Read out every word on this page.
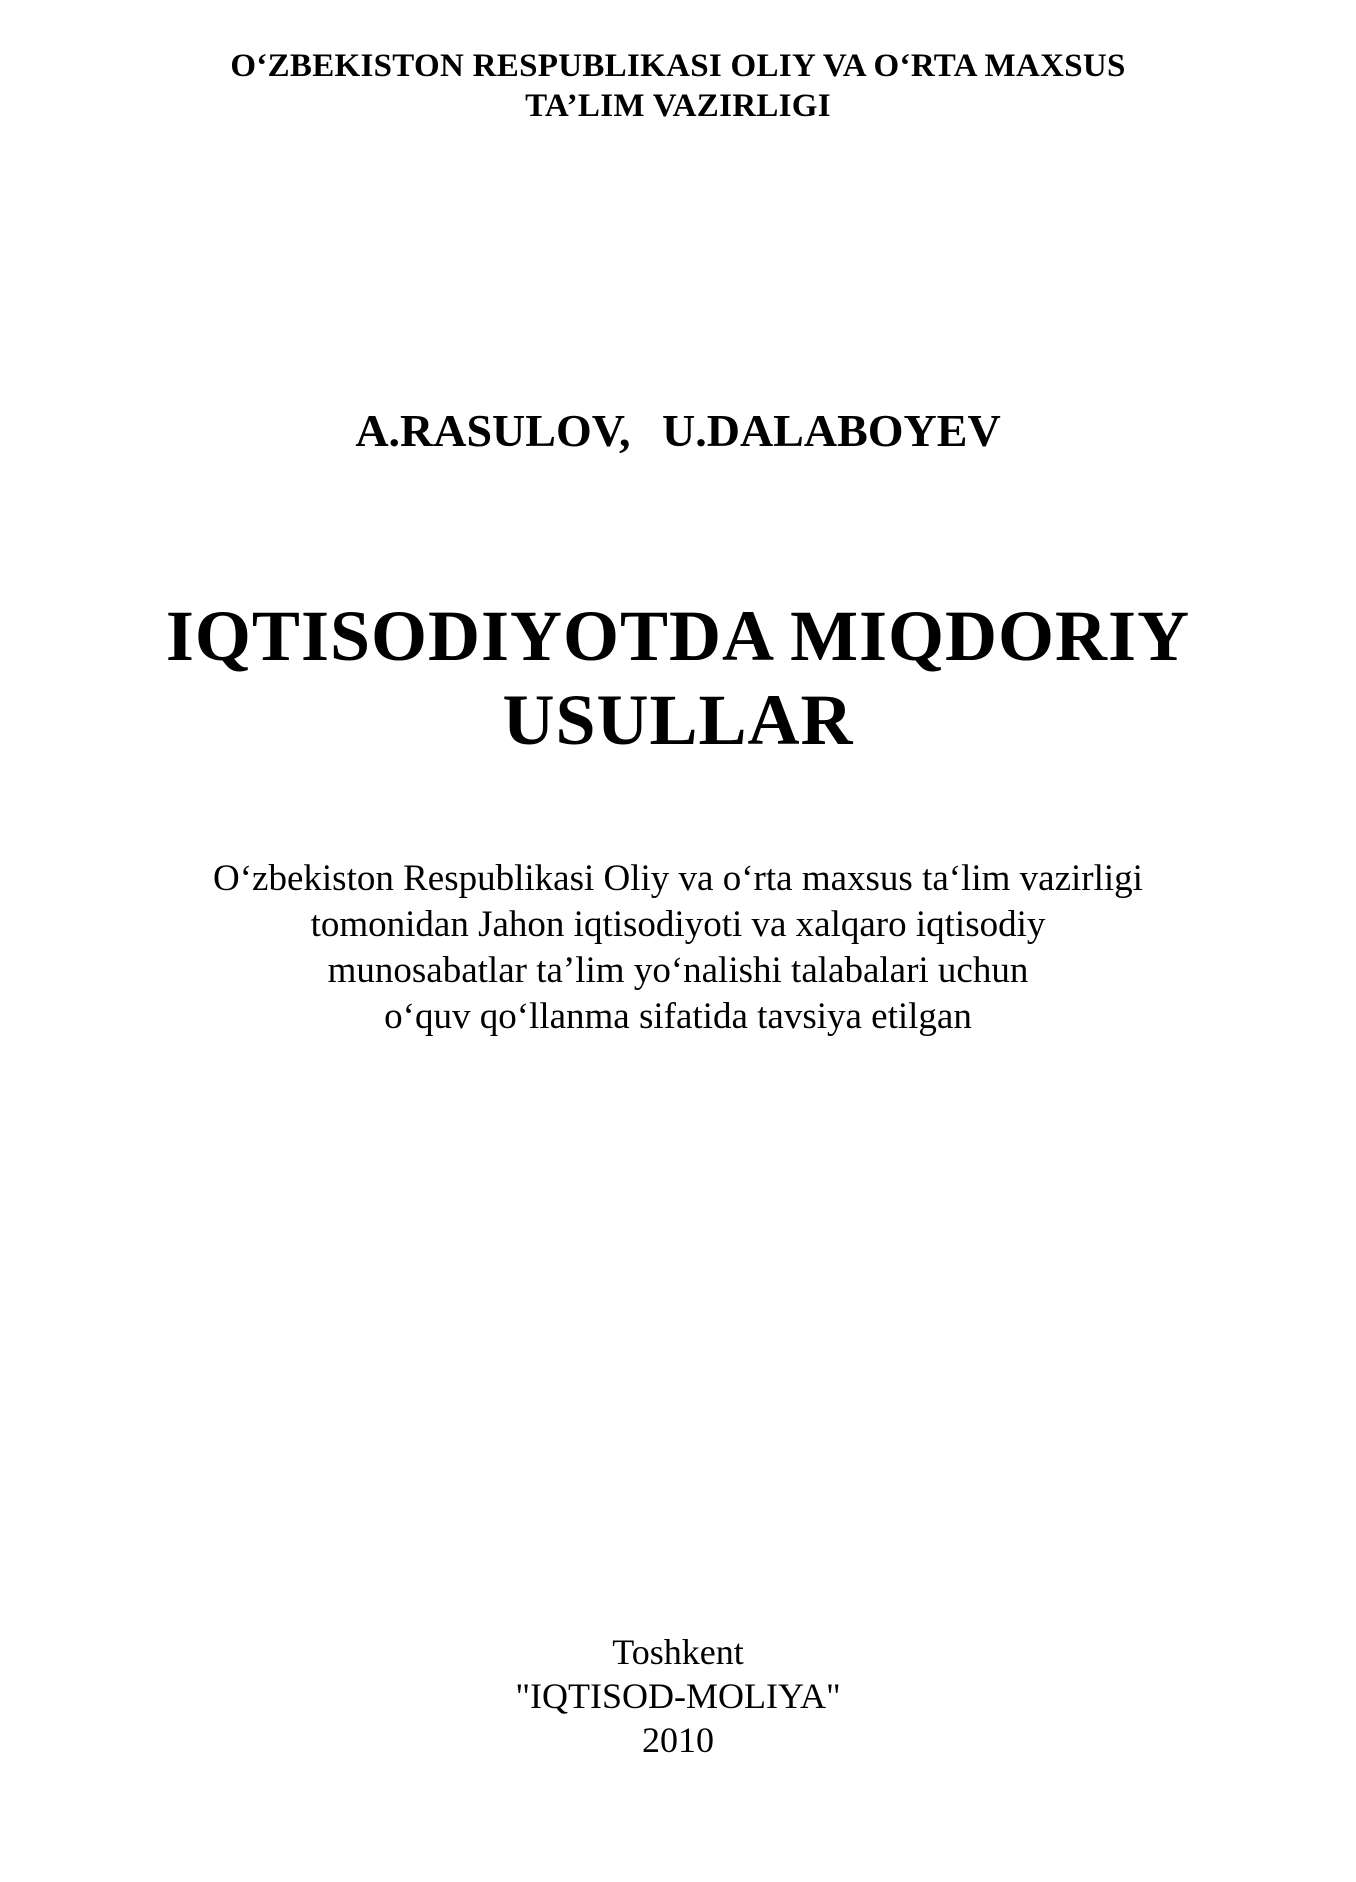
O‘ZBEKISTON RESPUBLIKASI OLIY VA O‘RTA MAXSUS
TA’LIM VAZIRLIGI
A.RASULOV, U.DALABOYEV
IQTISODIYOTDA MIQDORIY
USULLAR
O‘zbekiston Respublikasi Oliy va o‘rta maxsus ta‘lim vazirligi
tomonidan Jahon iqtisodiyoti va xalqaro iqtisodiy
munosabatlar ta’lim yo‘nalishi talabalari uchun
o‘quv qo‘llanma sifatida tavsiya etilgan
Toshkent
"IQTISOD-MOLIYA"
2010
